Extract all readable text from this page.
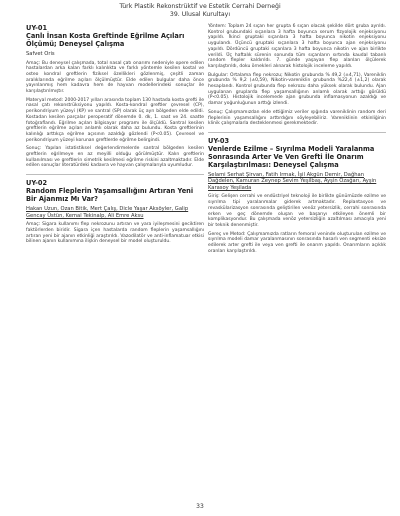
Türk Plastik Rekonstrüktif ve Estetik Cerrahi Derneği
39. Ulusal Kurultayı
UY-01
Canlı İnsan Kosta Greftinde Eğrilme Açıları Ölçümü; Deneysel Çalışma
Safvet Oris
Amaç: Bu deneysel çalışmada, total nasal çatı onarımı nedeniyle opere edilen hastalardan arka kalan farklı kalınlıkta ve farklı yöntemle kesilen kostal ve osteo kondral greftlerin fiziksel özellikleri gözlenmiş, çeşitli zaman aralıklarında eğrilme açıları ölçülmüştür. Elde edilen bulgular daha önce yayınlanmış hem kadavra hem de hayvan modellerindeki sonuçlar ile karşılaştırılmıştır.
Materyal metod: 2000-2017 yılları arasında toplam 130 hastada kosta grefti ile nasal çatı rekonstrüksiyonu yapıldı. Kosta-kondral greftler çevresel (CP), perikondriyum yüzeyi (KP) ve santral (SP) olarak üç ayrı bölgeden elde edildi. Kostadan kesilen parçalar peroperatif dönemde 0. dk, 1. saat ve 24. saatte fotoğraflandı. Eğrilme açıları bilgisayar programı ile ölçüldü. Santral kesilen greftlerin eğrilme açıları anlamlı olarak daha az bulundu. Kosta greftlerinin kalınlığı arttıkça eğrilme açısının azaldığı gözlendi (P<0.05). Çevresel ve perikondriyum yüzeyi korunan greftlerde eğrilme belirgindi.
Sonuç: Yapılan istatistiksel değerlendirmelerde santral bölgeden kesilen greftlerin eğrilmeye en az meyilli olduğu görülmüştür. Kalın greftlerin kullanılması ve greftlerin simetrik kesilmesi eğrilme riskini azaltmaktadır. Elde edilen sonuçlar literatürdeki kadavra ve hayvan çalışmalarıyla uyumludur.
UY-02
Random Fleplerin Yaşamsallığını Artıran Yeni Bir Ajanmız Mı Var?
Hakan Uzun, Ozan Bitik, Mert Çalış, Dicle Yaşar Aksöyler, Galip Gencay Üstün, Kemal Tekinalp, Ali Emre Aksu
Amaç: Sigara kullanımı flep nekrozunu artıran ve yara iyileşmesini geciktiren faktörlerden biridir. Sigara içen hastalarda random fleplerin yaşamsallığını artıran yeni bir ajanın etkinliği araştırıldı. Vazodilatör ve anti-inflamatuar etkisi bilinen ajanın kullanımına ilişkin deneysel bir model oluşturuldu.
Yöntem: Toplam 24 sıçan her grupta 6 sıçan olacak şekilde dört gruba ayrıldı. Kontrol grubundaki sıçanlara 3 hafta boyunca serum fizyolojik enjeksiyonu yapıldı. İkinci gruptaki sıçanlara 3 hafta boyunca nikotin enjeksiyonu uygulandı. Üçüncü gruptaki sıçanlara 3 hafta boyunca ajan enjeksiyonu yapıldı. Dördüncü gruptaki sıçanlara 3 hafta boyunca nikotin ve ajan birlikte verildi. Üç haftalık sürenin sonunda tüm sıçanların sırtında kaudal tabanlı random flepler kaldırıldı. 7. günde yaşayan flep alanları ölçülerek karşılaştırıldı, doku örnekleri alınarak histolojik inceleme yapıldı.
Bulgular: Ortalama flep nekrozu; Nikotin grubunda % 49,2 (±4,71), Vareniklin grubunda % 9,2 (±0,59), Nikotin-vareniklin grubunda %22,4 (±1,2) olarak hesaplandı. Kontrol grubunda flep nekrozu daha yüksek olarak bulundu. Ajan uygulanan gruplarda flep yaşamsallığının anlamlı olarak arttığı görüldü (P<0.05). Histolojik incelemede ajan grubunda inflamasyonun azaldığı ve damar yoğunluğunun arttığı izlendi.
Sonuç: Çalışmamızdan elde ettiğimiz veriler ışığında vareniklinin random deri fleplerinin yaşamsallığını arttırdığını söyleyebiliriz. Vareniklinin etkinliğinin klinik çalışmalarla desteklenmesi gerekmektedir.
UY-03
Venlerde Ezilme – Sıyrılma Modeli Yaralanma Sonrasında Arter Ve Ven Grefti İle Onarım Karşılaştırılması: Deneysel Çalışma
Selami Serhat Şirvan, Fatih Irmak, İşil Akgün Demir, Dağhan Dağdelen, Kamuran Zeynep Sevim Yeşilbaş, Ayşin Özağarı, Ayşin Karasoy Yeşilada
Giriş: Gelişen cerrahi ve endüstriyel teknoloji ile birlikte günümüzde ezilme ve sıyrılma tipi yaralanmalar giderek artmaktadır. Replantasyon ve revaskülarizasyon sonrasında geliştirilen venöz yetersizlik, cerrahi sonrasında erken ve geç dönemde oluşan ve başarıyı etkileyen önemli bir komplikasyondur. Bu çalışmada venöz yetersizliğin azaltılması amacıyla yeni bir teknik denenmiştir.
Gereç ve Metod: Çalışmamızda ratların femoral veninde oluşturulan ezilme ve sıyrılma modeli damar yaralanmasının sonrasında hasarlı ven segmenti eksize edilerek arter grefti ile veya ven grefti ile onarım yapıldı. Onarımların açıklık oranları karşılaştırıldı.
33
